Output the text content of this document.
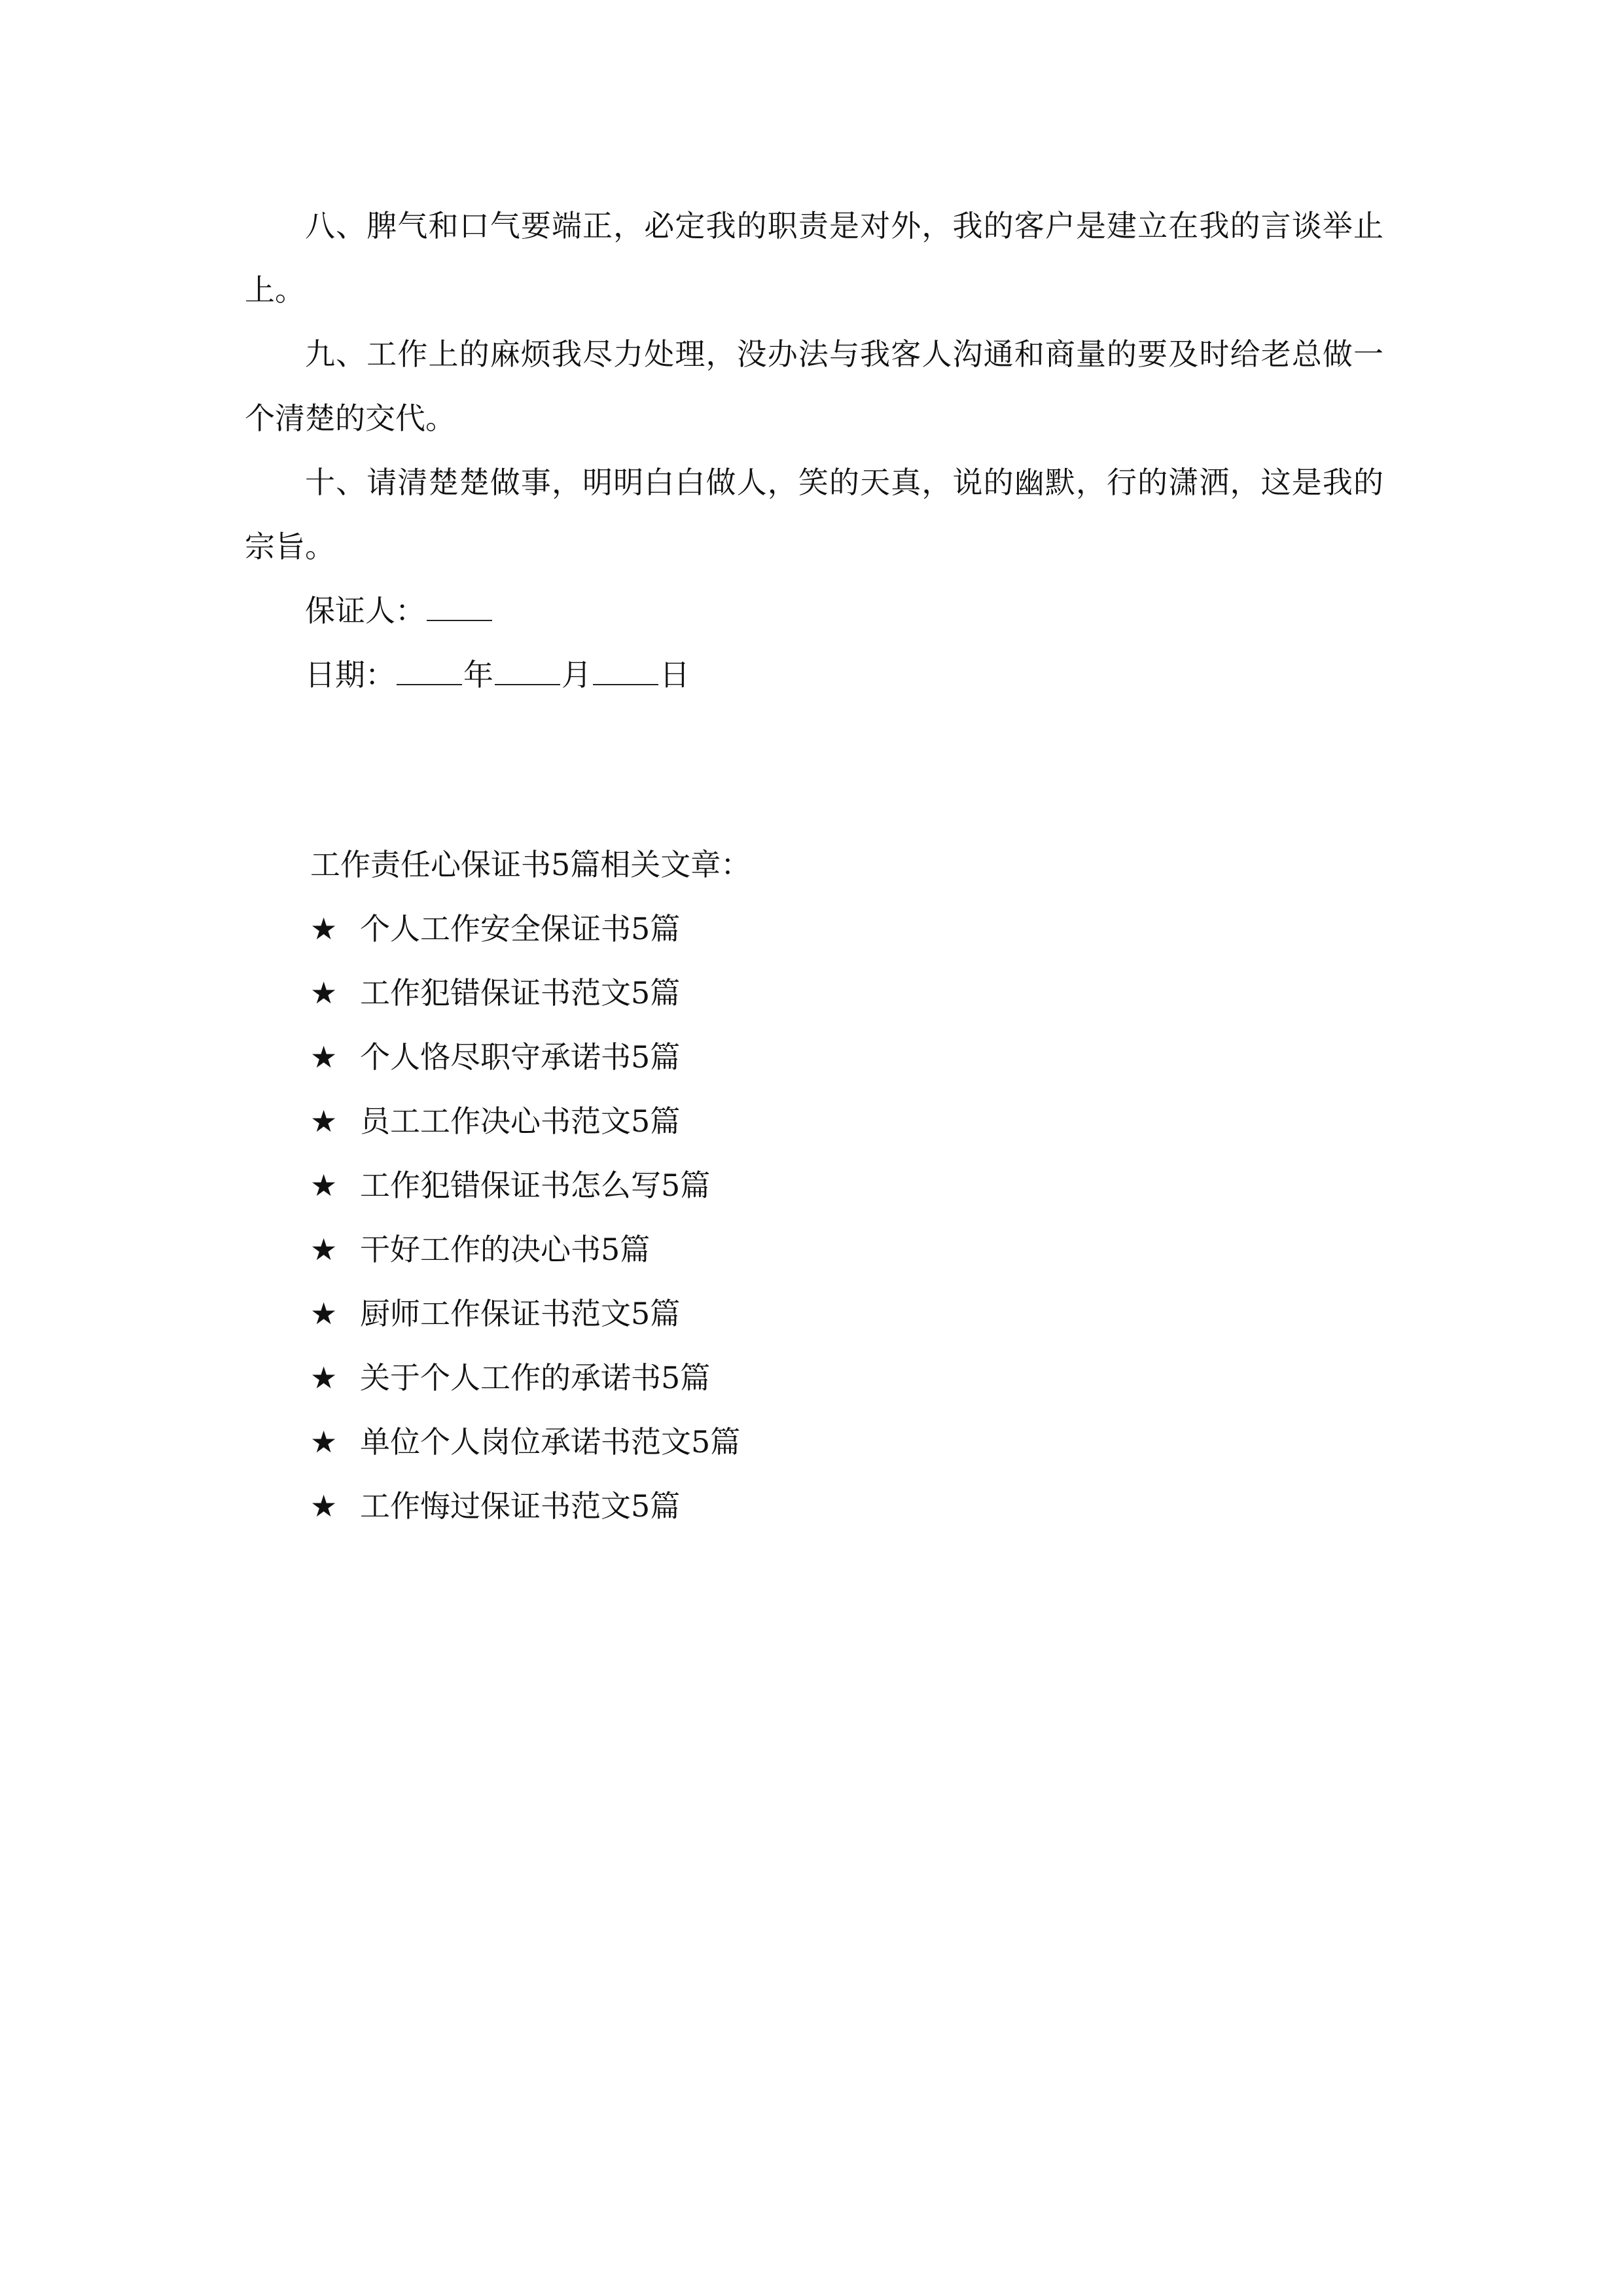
八、脾气和口气要端正，必定我的职责是对外，我的客户是建立在我的言谈举止上。

九、工作上的麻烦我尽力处理，没办法与我客人沟通和商量的要及时给老总做一个清楚的交代。

十、请清楚楚做事，明明白白做人，笑的天真，说的幽默，行的潇洒，这是我的宗旨。

保证人：

日期： 年 月 日

工作责任心保证书5篇相关文章：

★ 个人工作安全保证书5篇
★ 工作犯错保证书范文5篇
★ 个人恪尽职守承诺书5篇
★ 员工工作决心书范文5篇
★ 工作犯错保证书怎么写5篇
★ 干好工作的决心书5篇
★ 厨师工作保证书范文5篇
★ 关于个人工作的承诺书5篇
★ 单位个人岗位承诺书范文5篇
★ 工作悔过保证书范文5篇
